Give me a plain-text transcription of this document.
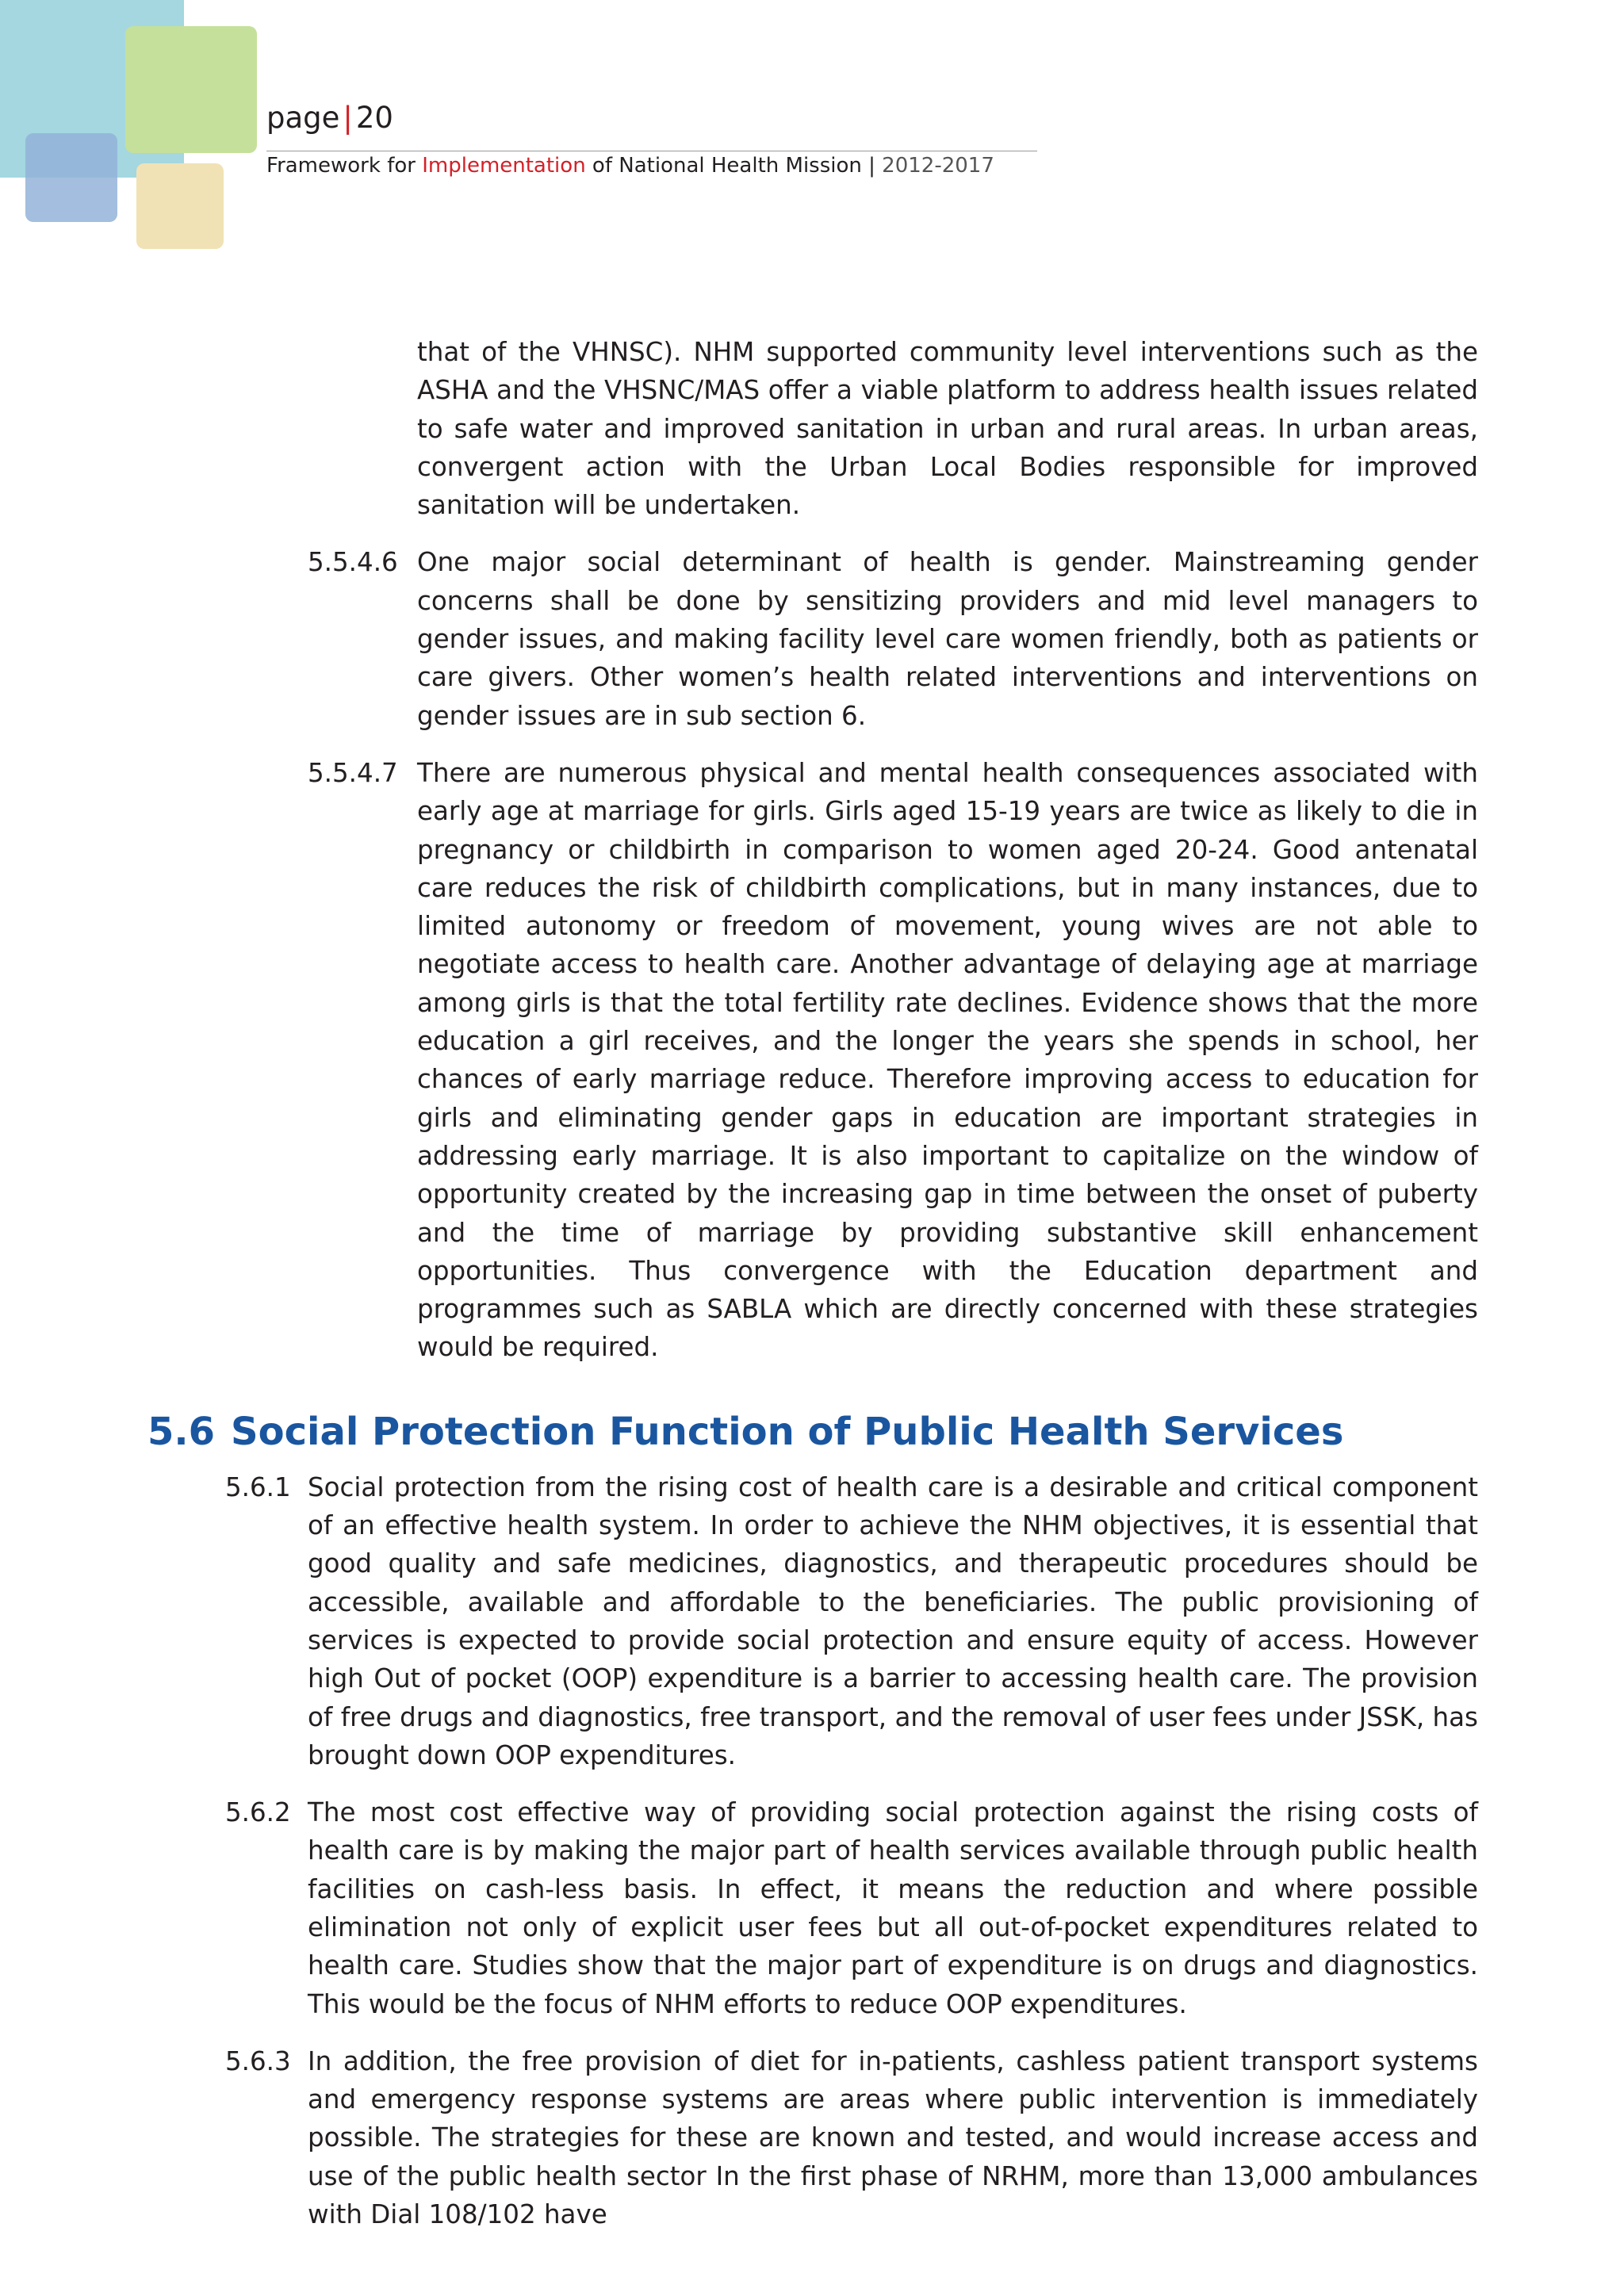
page | 20
Framework for Implementation of National Health Mission | 2012-2017
that of the VHNSC). NHM supported community level interventions such as the ASHA and the VHSNC/MAS offer a viable platform to address health issues related to safe water and improved sanitation in urban and rural areas. In urban areas, convergent action with the Urban Local Bodies responsible for improved sanitation will be undertaken.
5.5.4.6 One major social determinant of health is gender. Mainstreaming gender concerns shall be done by sensitizing providers and mid level managers to gender issues, and making facility level care women friendly, both as patients or care givers. Other women’s health related interventions and interventions on gender issues are in sub section 6.
5.5.4.7 There are numerous physical and mental health consequences associated with early age at marriage for girls. Girls aged 15-19 years are twice as likely to die in pregnancy or childbirth in comparison to women aged 20-24. Good antenatal care reduces the risk of childbirth complications, but in many instances, due to limited autonomy or freedom of movement, young wives are not able to negotiate access to health care. Another advantage of delaying age at marriage among girls is that the total fertility rate declines. Evidence shows that the more education a girl receives, and the longer the years she spends in school, her chances of early marriage reduce. Therefore improving access to education for girls and eliminating gender gaps in education are important strategies in addressing early marriage. It is also important to capitalize on the window of opportunity created by the increasing gap in time between the onset of puberty and the time of marriage by providing substantive skill enhancement opportunities. Thus convergence with the Education department and programmes such as SABLA which are directly concerned with these strategies would be required.
5.6 Social Protection Function of Public Health Services
5.6.1 Social protection from the rising cost of health care is a desirable and critical component of an effective health system. In order to achieve the NHM objectives, it is essential that good quality and safe medicines, diagnostics, and therapeutic procedures should be accessible, available and affordable to the beneficiaries. The public provisioning of services is expected to provide social protection and ensure equity of access. However high Out of pocket (OOP) expenditure is a barrier to accessing health care. The provision of free drugs and diagnostics, free transport, and the removal of user fees under JSSK, has brought down OOP expenditures.
5.6.2 The most cost effective way of providing social protection against the rising costs of health care is by making the major part of health services available through public health facilities on cash-less basis. In effect, it means the reduction and where possible elimination not only of explicit user fees but all out-of-pocket expenditures related to health care. Studies show that the major part of expenditure is on drugs and diagnostics. This would be the focus of NHM efforts to reduce OOP expenditures.
5.6.3 In addition, the free provision of diet for in-patients, cashless patient transport systems and emergency response systems are areas where public intervention is immediately possible. The strategies for these are known and tested, and would increase access and use of the public health sector In the first phase of NRHM, more than 13,000 ambulances with Dial 108/102 have
